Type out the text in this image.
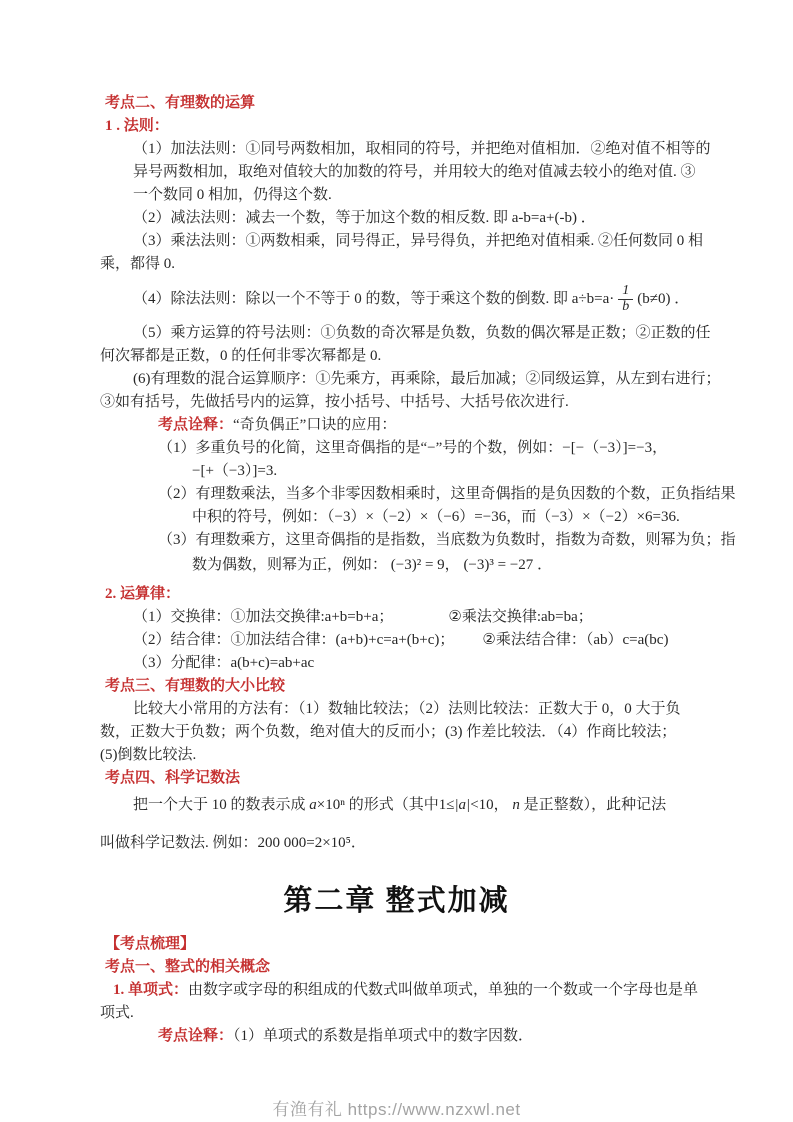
考点二、有理数的运算
1 . 法则：
（1）加法法则：①同号两数相加，取相同的符号，并把绝对值相加．②绝对值不相等的
异号两数相加，取绝对值较大的加数的符号，并用较大的绝对值减去较小的绝对值. ③
一个数同 0 相加，仍得这个数.
（2）减法法则：减去一个数，等于加这个数的相反数. 即 a-b=a+(-b) ．
（3）乘法法则：①两数相乘，同号得正，异号得负，并把绝对值相乘. ②任何数同 0 相
乘，都得 0.
（4）除法法则：除以一个不等于 0 的数，等于乘这个数的倒数. 即 $a\div b=a\cdot \frac{1}{b} (b\ne 0)$ ．
（5）乘方运算的符号法则：①负数的奇次幂是负数，负数的偶次幂是正数；②正数的任
何次幂都是正数，0 的任何非零次幂都是 0.
(6)有理数的混合运算顺序：①先乘方，再乘除，最后加减；②同级运算，从左到右进行；
③如有括号，先做括号内的运算，按小括号、中括号、大括号依次进行.
考点诠释：“奇负偶正”口诀的应用：
（1）多重负号的化简，这里奇偶指的是“−”号的个数，例如：−[−（−3）]=−3，
−[+（−3）]=3.
（2）有理数乘法，当多个非零因数相乘时，这里奇偶指的是负因数的个数，正负指结果
中积的符号，例如：（−3）×（−2）×（−6）=−36，而（−3）×（−2）×6=36.
（3）有理数乘方，这里奇偶指的是指数，当底数为负数时，指数为奇数，则幂为负；指
数为偶数，则幂为正，例如： (−3)² = 9， (−3)³ = −27 ．
2. 运算律：
（1）交换律：①加法交换律:a+b=b+a；	②乘法交换律:ab=ba；
（2）结合律：①加法结合律：(a+b)+c=a+(b+c)； ②乘法结合律：（ab）c=a(bc)
（3）分配律：a(b+c)=ab+ac
考点三、有理数的大小比较
比较大小常用的方法有：（1）数轴比较法；（2）法则比较法：正数大于 0，0 大于负
数，正数大于负数；两个负数，绝对值大的反而小；(3) 作差比较法．（4）作商比较法；
(5)倒数比较法.
考点四、科学记数法
把一个大于 10 的数表示成 a×10ⁿ 的形式（其中1≤|a|<10， n 是正整数），此种记法
叫做科学记数法. 例如：200 000=2×10⁵．
第二章 整式加减
【考点梳理】
考点一、整式的相关概念
1. 单项式：由数字或字母的积组成的代数式叫做单项式，单独的一个数或一个字母也是单
项式.
考点诠释：（1）单项式的系数是指单项式中的数字因数．
有渔有礼 https://www.nzxwl.net
